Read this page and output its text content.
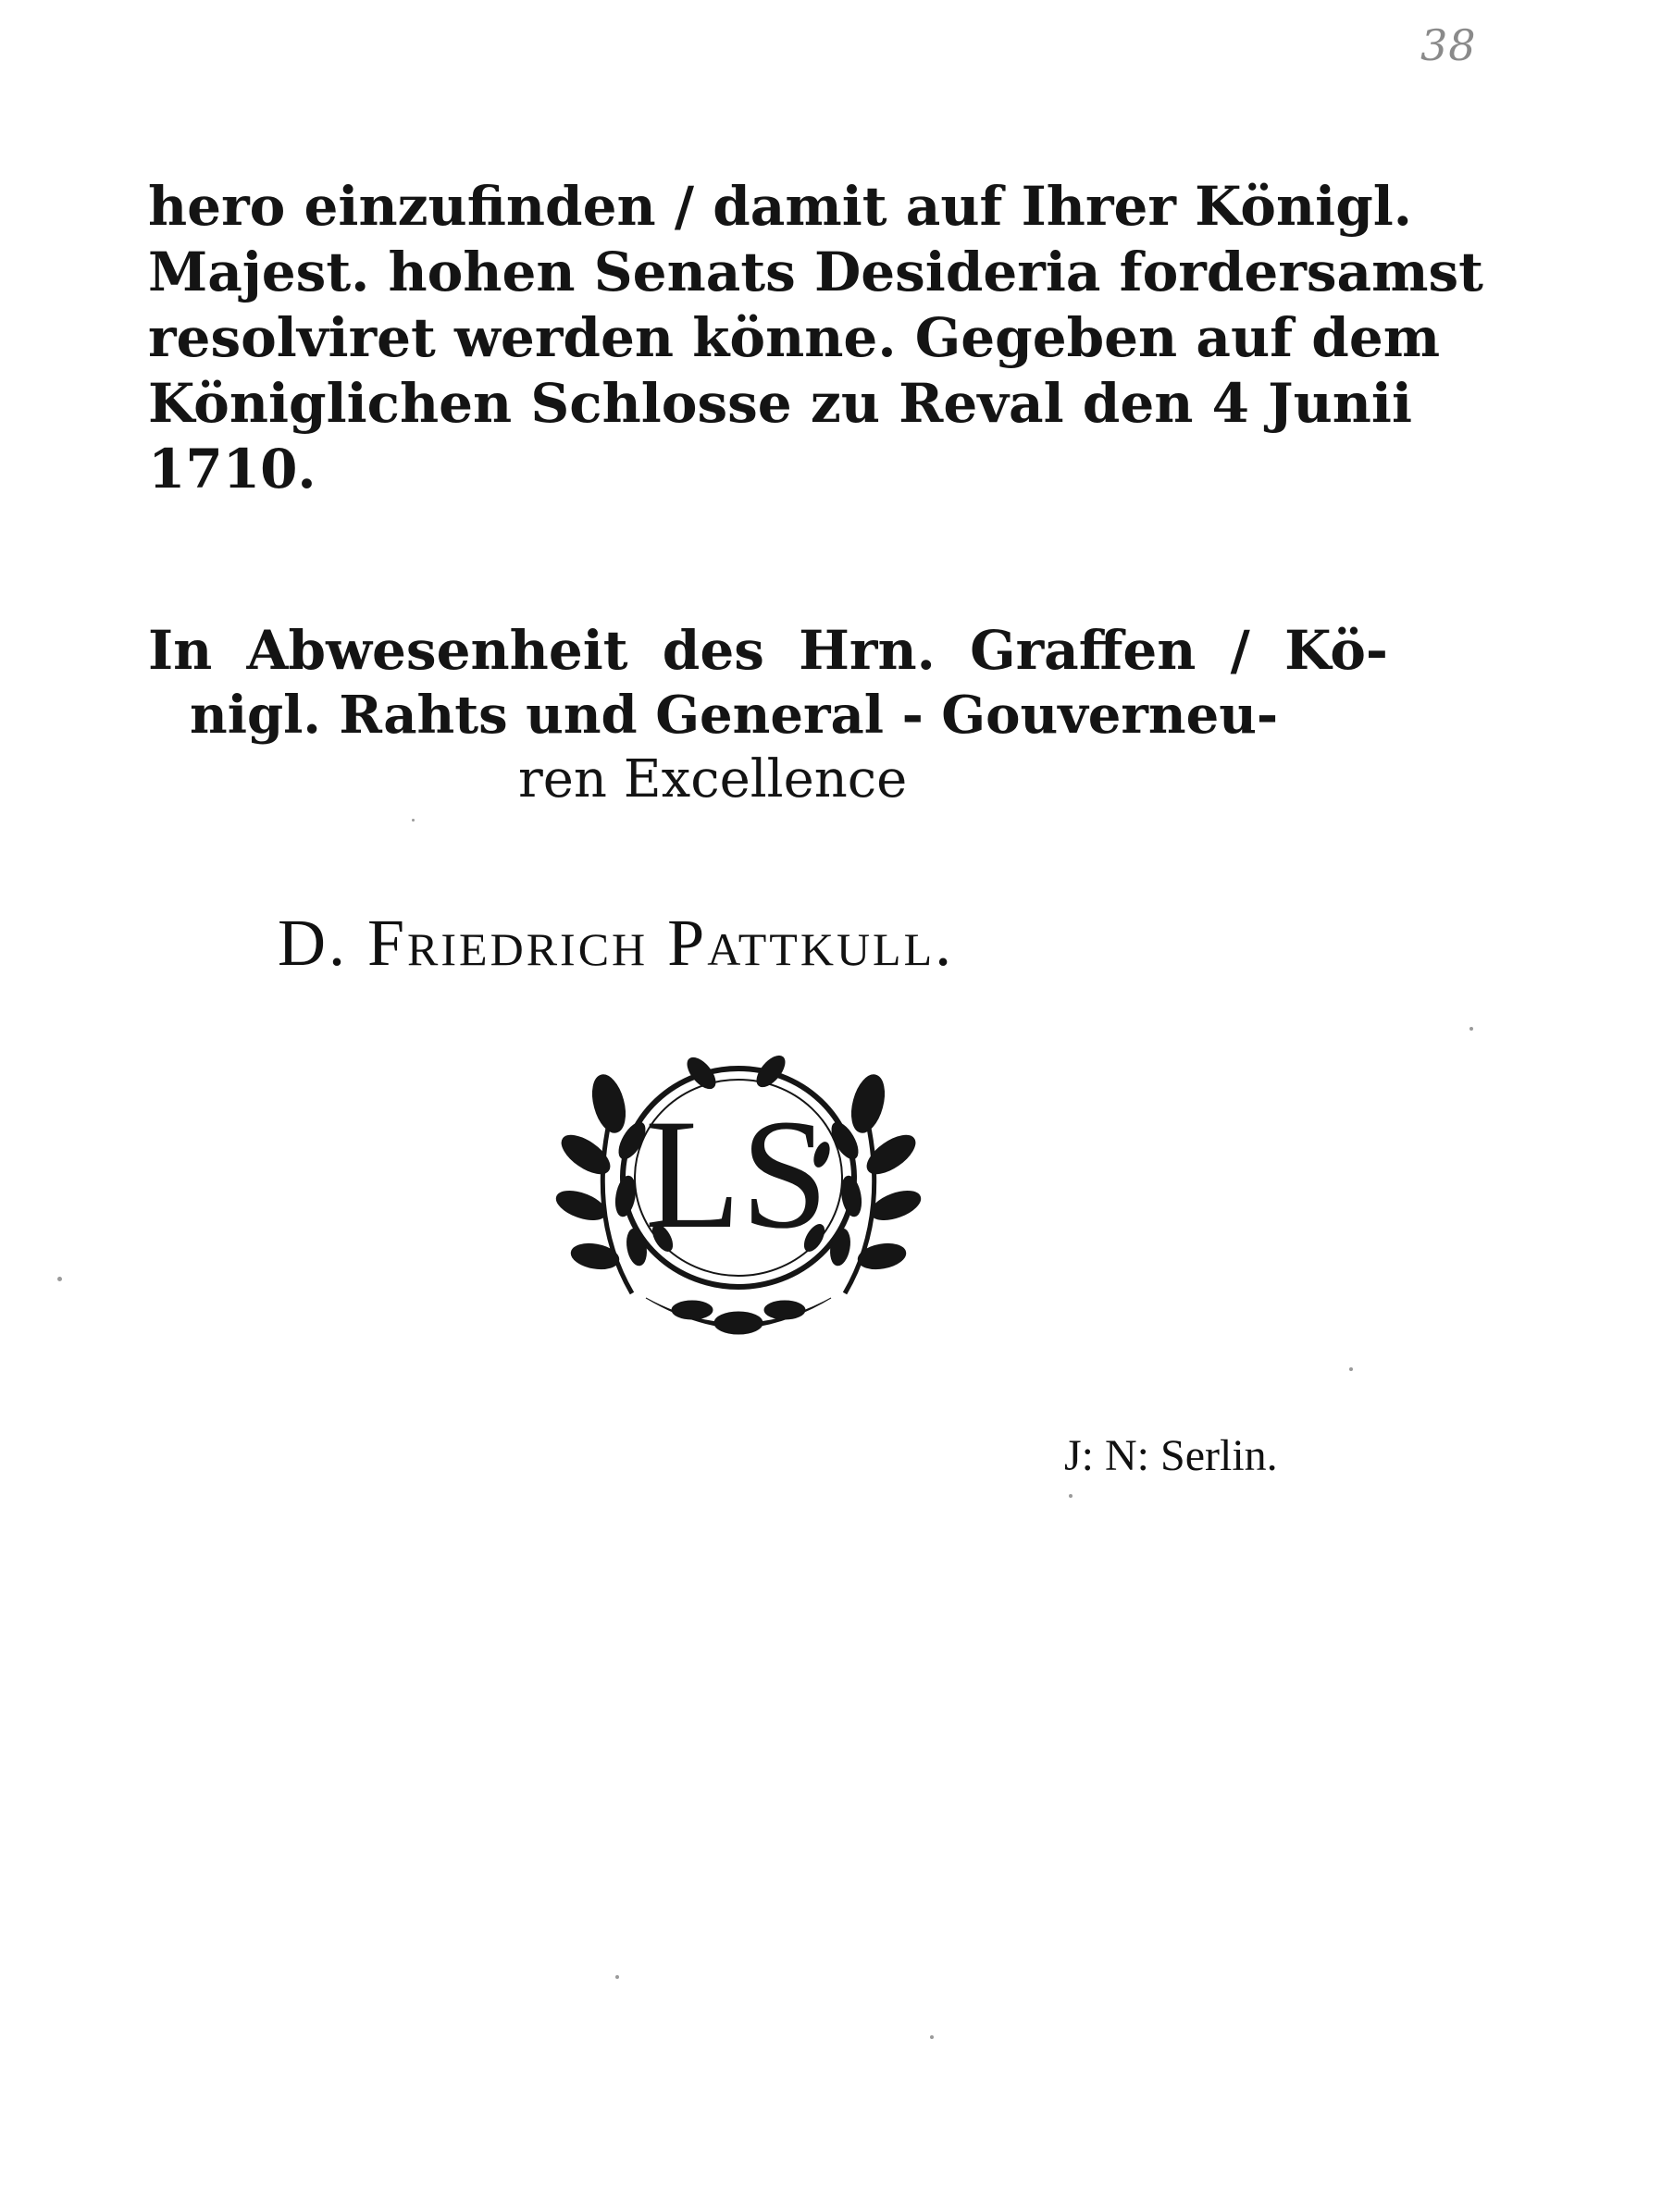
38
hero einzufinden / damit auf Ihrer Königl.
Majest. hohen Senats Desideria fordersamst
resolviret werden könne. Gegeben auf dem
Königlichen Schlosse zu Reval den 4 Junii
1710.
In Abwesenheit des Hrn. Graffen / Kö-
nigl. Rahts und General - Gouverneu-
ren Excellence
D. Friedrich Pattkull.
LS
J: N: Serlin.
